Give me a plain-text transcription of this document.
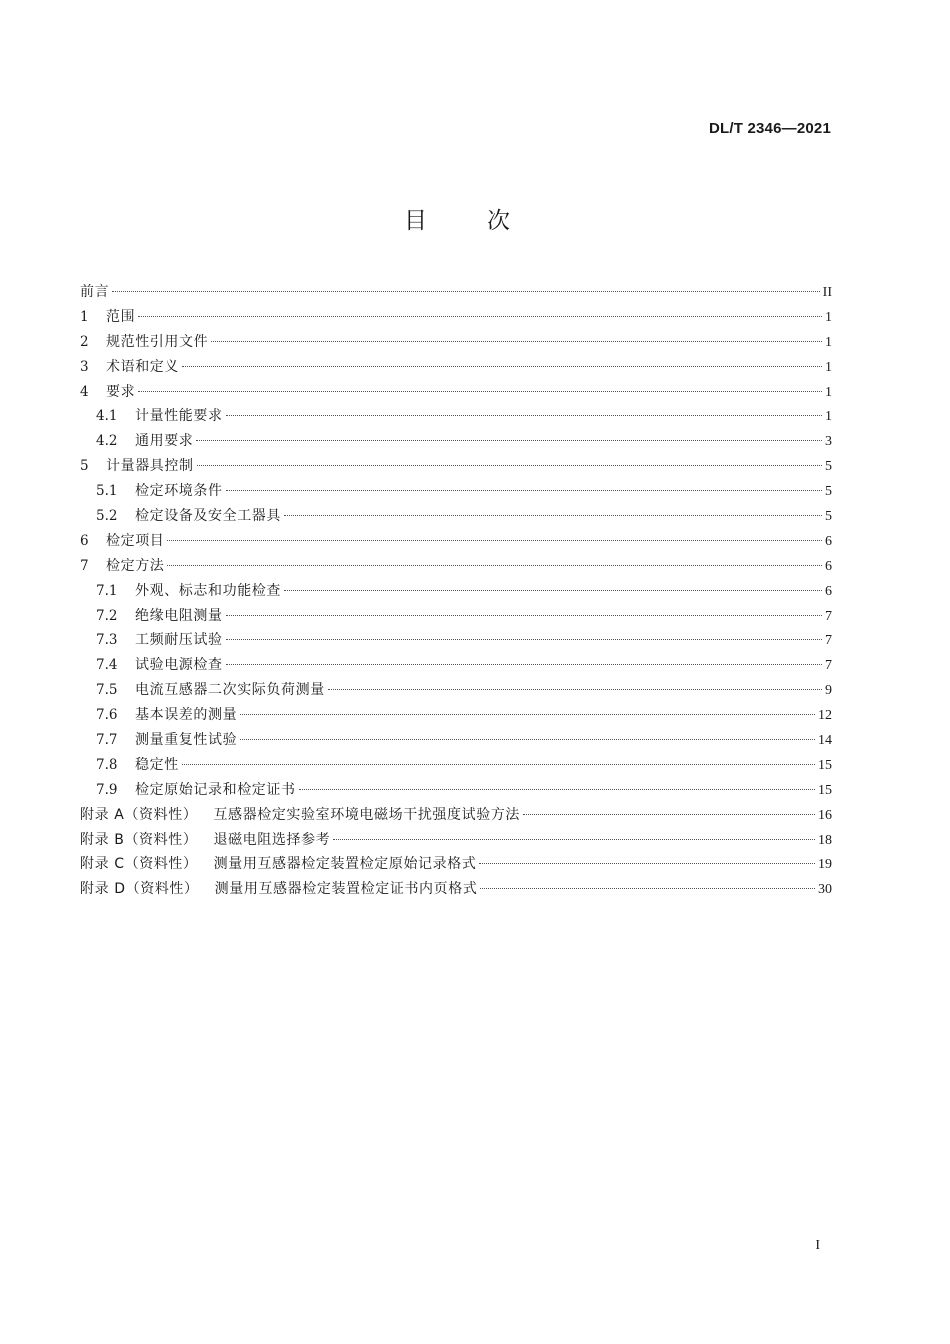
DL/T 2346—2021
目	次
前言	II
1	范围	1
2	规范性引用文件	1
3	术语和定义	1
4	要求	1
4.1	计量性能要求	1
4.2	通用要求	3
5	计量器具控制	5
5.1	检定环境条件	5
5.2	检定设备及安全工器具	5
6	检定项目	6
7	检定方法	6
7.1	外观、标志和功能检查	6
7.2	绝缘电阻测量	7
7.3	工频耐压试验	7
7.4	试验电源检查	7
7.5	电流互感器二次实际负荷测量	9
7.6	基本误差的测量	12
7.7	测量重复性试验	14
7.8	稳定性	15
7.9	检定原始记录和检定证书	15
附录 A（资料性） 互感器检定实验室环境电磁场干扰强度试验方法	16
附录 B（资料性） 退磁电阻选择参考	18
附录 C（资料性） 测量用互感器检定装置检定原始记录格式	19
附录 D（资料性） 测量用互感器检定装置检定证书内页格式	30
I
